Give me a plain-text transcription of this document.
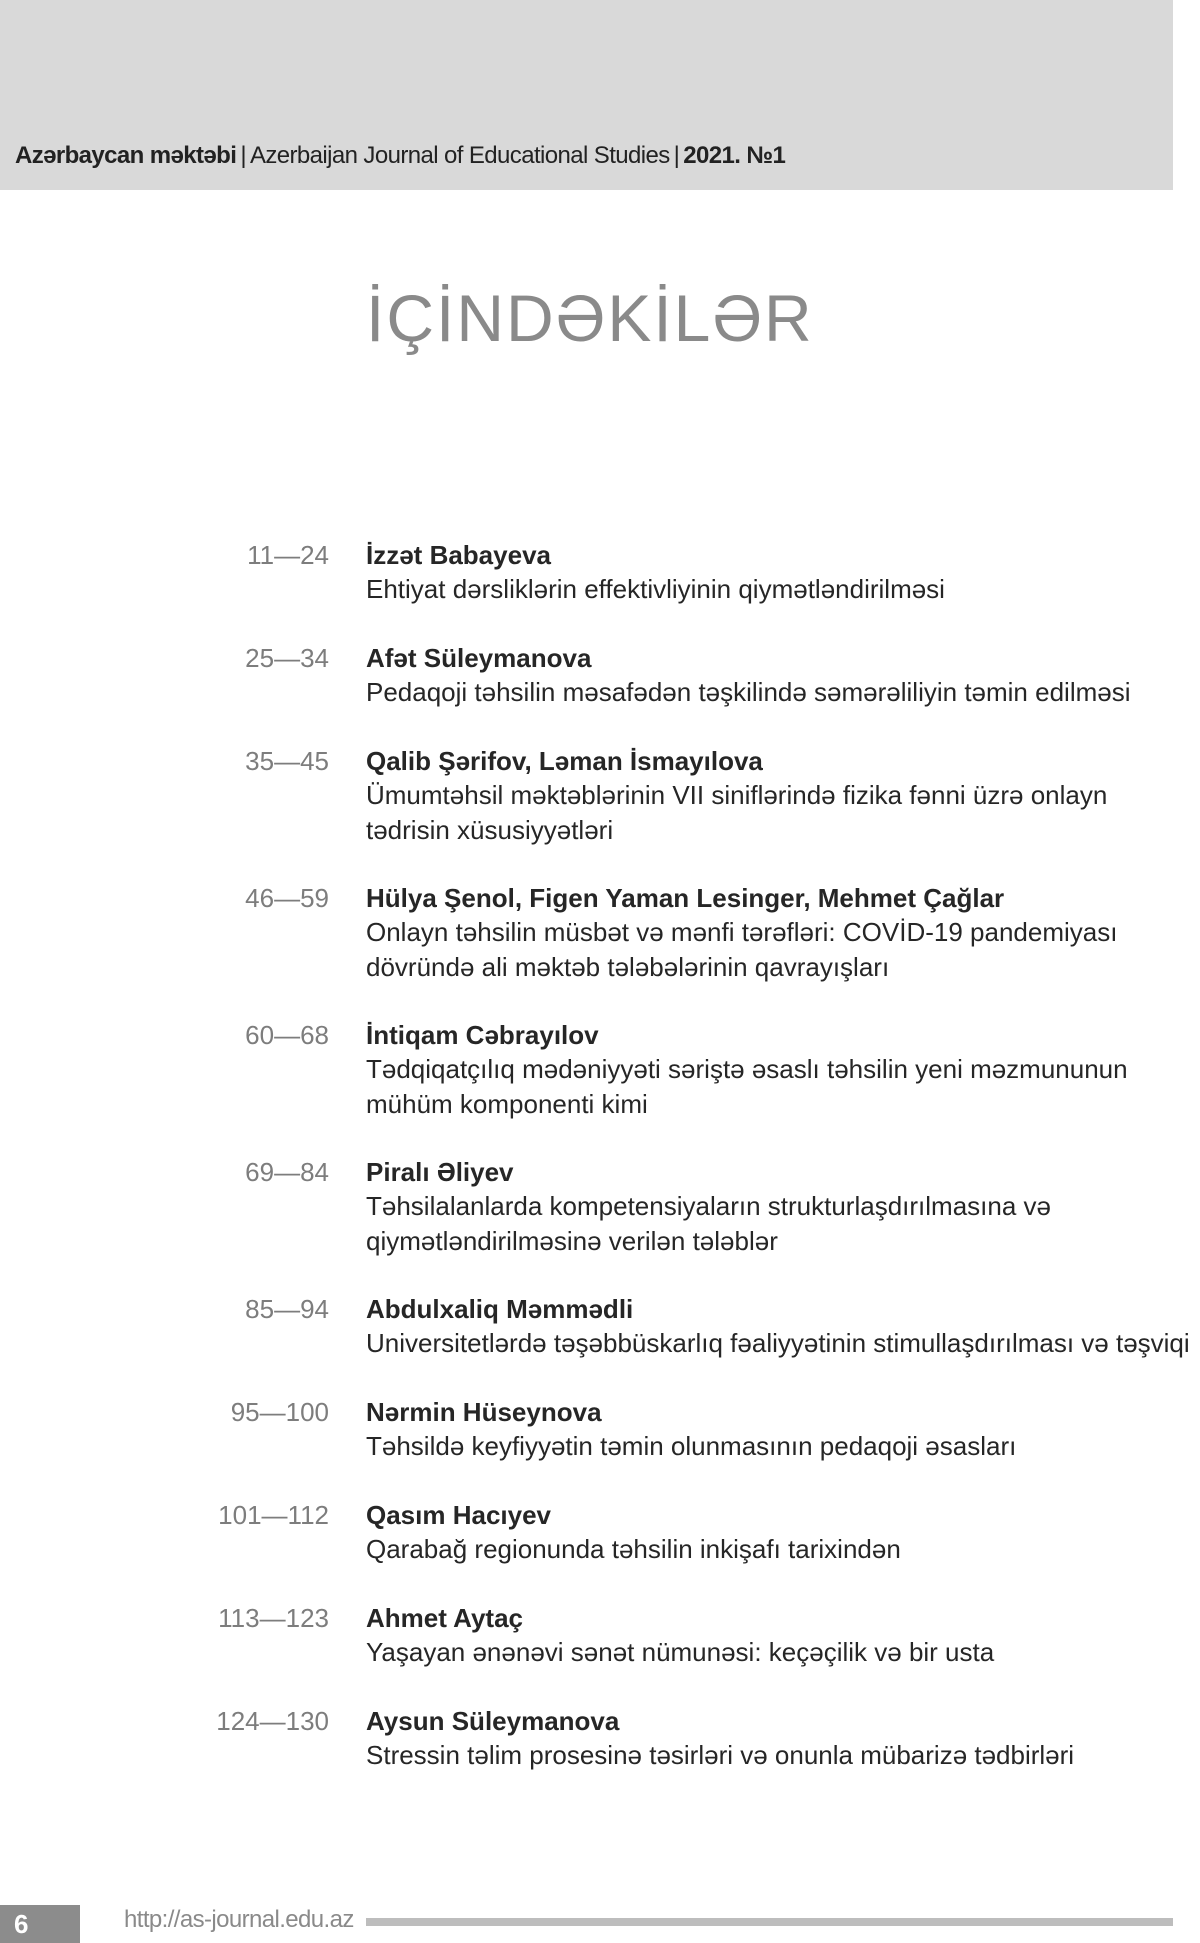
Azərbaycan məktəbi | Azerbaijan Journal of Educational Studies | 2021. №1
İÇİNDƏKİLƏR
11—24 İzzət Babayeva
Ehtiyat dərsliklərin effektivliyinin qiymətləndirilməsi
25—34 Afət Süleymanova
Pedaqoji təhsilin məsafədən təşkilində səmərəliliyin təmin edilməsi
35—45 Qalib Şərifov, Ləman İsmayılova
Ümumtəhsil məktəblərinin VII siniflərində fizika fənni üzrə onlayn
tədrisin xüsusiyyətləri
46—59 Hülya Şenol, Figen Yaman Lesinger, Mehmet Çağlar
Onlayn təhsilin müsbət və mənfi tərəfləri: COVİD-19 pandemiyası
dövründə ali məktəb tələbələrinin qavrayışları
60—68 İntiqam Cəbrayılov
Tədqiqatçılıq mədəniyyəti səriştə əsaslı təhsilin yeni məzmununun
mühüm komponenti kimi
69—84 Piralı Əliyev
Təhsilalanlarda kompetensiyaların strukturlaşdırılmasına və
qiymətləndirilməsinə verilən tələblər
85—94 Abdulxaliq Məmmədli
Universitetlərdə təşəbbüskarlıq fəaliyyətinin stimullaşdırılması və təşviqi
95—100 Nərmin Hüseynova
Təhsildə keyfiyyətin təmin olunmasının pedaqoji əsasları
101—112 Qasım Hacıyev
Qarabağ regionunda təhsilin inkişafı tarixindən
113—123 Ahmet Aytaç
Yaşayan ənənəvi sənət nümunəsi: keçəçilik və bir usta
124—130 Aysun Süleymanova
Stressin təlim prosesinə təsirləri və onunla mübarizə tədbirləri
6	http://as-journal.edu.az
